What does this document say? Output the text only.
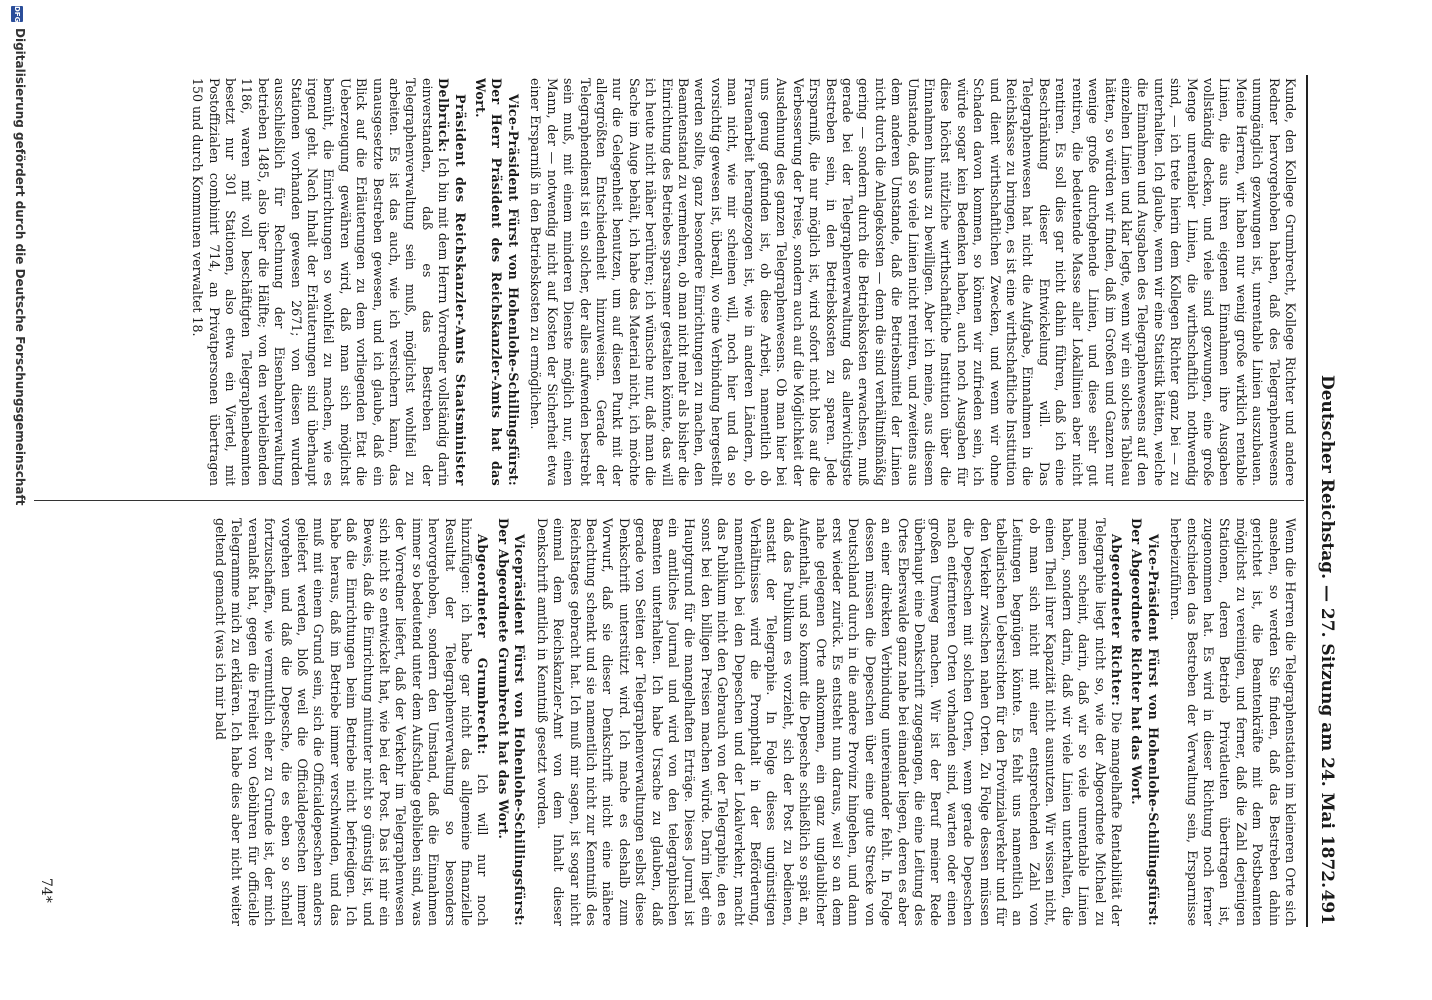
Deutscher Reichstag. — 27. Sitzung am 24. Mai 1872.
491

Kunde, den Kollege Grumbrecht, Kollege Richter und andere Redner hervorgehoben haben, daß des Telegraphenwesens unumgänglich gezwungen ist, unrentable Linien auszubauen. Meine Herren, wir haben nur wenig große wirklich rentable Linien, die aus ihren eigenen Einnahmen ihre Ausgaben vollständig decken, und viele sind gezwungen, eine große Menge unrentabler Linien, die wirthschaftlich nothwendig sind, — ich trete hierin dem Kollegen Richter ganz bei — zu unterhalten. Ich glaube, wenn wir eine Statistik hätten, welche die Einnahmen und Ausgaben des Telegraphenwesens auf den einzelnen Linien und klar legte, wenn wir ein solches Tableau hätten, so würden wir finden, daß im Großen und Ganzen nur wenige große durchgehende Linien, und diese sehr gut rentiren, die bedeutende Masse aller Lokallinien aber nicht rentiren. Es soll dies gar nicht dahin führen, daß ich eine Beschränkung dieser Entwickelung will. Das Telegraphenwesen hat nicht die Aufgabe, Einnahmen in die Reichskasse zu bringen, es ist eine wirthschaftliche Institution und dient wirthschaftlichen Zwecken, und wenn wir ohne Schaden davon kommen, so können wir zufrieden sein, ich würde sogar kein Bedenken haben, auch noch Ausgaben für diese höchst nützliche wirthschaftliche Institution über die Einnahmen hinaus zu bewilligen. Aber ich meine, aus diesem Umstande, daß so viele Linien nicht rentiren, und zweitens aus dem anderen Umstande, daß die Betriebsmittel der Linien nicht durch die Anlagekosten — denn die sind verhältnißmäßig gering — sondern durch die Betriebskosten erwachsen, muß gerade bei der Telegraphenverwaltung das allerwichtigste Bestreben sein, in den Betriebskosten zu sparen. Jede Ersparniß, die nur möglich ist, wird sofort nicht blos auf die Verbesserung der Preise, sondern auch auf die Möglichkeit der Ausdehnung des ganzen Telegraphenwesens. Ob man hier bei uns genug gefunden ist, ob diese Arbeit, namentlich ob Frauenarbeit herangezogen ist, wie in anderen Ländern, ob man nicht, wie mir scheinen will, noch hier und da so vorsichtig gewesen ist, überall, wo eine Verbindung hergestellt werden sollte, ganz besondere Einrichtungen zu machen, den Beamtenstand zu vermehren, ob man nicht mehr als bisher die Einrichtung des Betriebes sparsamer gestalten könnte, das will ich heute nicht näher berühren; ich wünsche nur, daß man die Sache im Auge behält, ich habe das Material nicht, ich möchte nur die Gelegenheit benutzen, um auf diesen Punkt mit der allergrößten Entschiedenheit hinzuweisen. Gerade der Telegraphendienst ist ein solcher, der alles aufwenden bestrebt sein muß, mit einem minderen Dienste möglich nur, einen Mann, der — notwendig nicht auf Kosten der Sicherheit etwa einer Ersparniß in den Betriebskosten zu ermöglichen.

Vice-Präsident Fürst von Hohenlohe-Schillingsfürst: Der Herr Präsident des Reichskanzler-Amts hat das Wort.

Präsident des Reichskanzler-Amts Staatsminister Delbrück: Ich bin mit dem Herrn Vorredner vollständig darin einverstanden, daß es das Bestreben der Telegraphenverwaltung sein muß, möglichst wohlfeil zu arbeiten. Es ist das auch, wie ich versichern kann, das unausgesetzte Bestreben gewesen, und ich glaube, daß ein Blick auf die Erläuterungen zu dem vorliegenden Etat die Ueberzeugung gewähren wird, daß man sich möglichst bemüht, die Einrichtungen so wohlfeil zu machen, wie es irgend geht. Nach Inhalt der Erläuterungen sind überhaupt Stationen vorhanden gewesen 2671; von diesen wurden ausschließlich für Rechnung der Eisenbahnverwaltung betrieben 1485, also über die Hälfte; von den verbleibenden 1186, waren mit voll beschäftigten Telegraphenbeamten besetzt nur 301 Stationen, also etwa ein Viertel, mit Postoffizialen combinirt 714, an Privatpersonen übertragen 150 und durch Kommunen verwaltet 18.

Wenn die Herren die Telegraphenstation im kleineren Orte sich ansehen, so werden Sie finden, daß das Bestreben dahin gerichtet ist, die Beamtenkräfte mit dem Postbeamten möglichst zu vereinigen, und ferner, daß die Zahl derjenigen Stationen, deren Betrieb Privatleuten übertragen ist, zugenommen hat. Es wird in dieser Richtung noch ferner entschieden das Bestreben der Verwaltung sein, Ersparnisse herbeizuführen.

Vice-Präsident Fürst von Hohenlohe-Schillingsfürst: Der Abgeordnete Richter hat das Wort.

Abgeordneter Richter: Die mangelhafte Rentabilität der Telegraphie liegt nicht so, wie der Abgeordnete Michael zu meinen scheint, darin, daß wir so viele unrentable Linien haben, sondern darin, daß wir viele Linien unterhalten, die einen Theil ihrer Kapazität nicht ausnutzen. Wir wissen nicht, ob man sich nicht mit einer entsprechenden Zahl von Leitungen begnügen könnte. Es fehlt uns namentlich an tabellarischen Uebersichten für den Provinzialverkehr und für den Verkehr zwischen nahen Orten. Zu Folge dessen müssen die Depeschen mit solchen Orten, wenn gerade Depeschen nach entfernteren Orten vorhanden sind, warten oder einen großen Umweg machen. Wir ist der Beruf meiner Rede überhaupt eine Denkschrift zugegangen, die eine Leitung des Ortes Eberswalde ganz nahe bei einander liegen, deren es aber an einer direkten Verbindung untereinander fehlt. In Folge dessen müssen die Depeschen über eine gute Strecke von Deutschland durch in die andere Provinz hingehen, und dann erst wieder zurück. Es entsteht nun daraus, weil so an dem nahe gelegenen Orte ankommen, ein ganz unglaublicher Aufenthalt, und so kommt die Depesche schließlich so spät an, daß das Publikum es vorzieht, sich der Post zu bedienen, anstatt der Telegraphie. In Folge dieses ungünstigen Verhältnisses wird die Prompthalt in der Beförderung, namentlich bei den Depeschen und der Lokalverkehr, macht das Publikum nicht den Gebrauch von der Telegraphie, den es sonst bei den billigen Preisen machen würde. Darin liegt ein Hauptgrund für die mangelhaften Erträge. Dieses Journal ist ein amtliches Journal und wird von den telegraphischen Beamten unterhalten. Ich habe Ursache zu glauben, daß gerade von Seiten der Telegraphenverwaltungen selbst diese Denkschrift unterstützt wird. Ich mache es deshalb zum Vorwurf, daß sie dieser Denkschrift nicht eine nähere Beachtung schenkt und sie namentlich nicht zur Kenntniß des Reichstages gebracht hat. Ich muß mir sagen, ist sogar nicht einmal dem Reichskanzler-Amt von dem Inhalt dieser Denkschrift amtlich in Kenntniß gesetzt worden.

Vicepräsident Fürst von Hohenlohe-Schillingsfürst: Der Abgeordnete Grumbrecht hat das Wort.

Abgeordneter Grumbrecht: Ich will nur noch hinzufügen: ich habe gar nicht das allgemeine finanzielle Resultat der Telegraphenverwaltung so besonders hervorgehoben, sondern den Umstand, daß die Einnahmen immer so bedeutend unter dem Aufschlage geblieben sind, was der Vorredner liefert, daß der Verkehr im Telegraphenwesen sich nicht so entwickelt hat, wie bei der Post. Das ist mir ein Beweis, daß die Einrichtung mitunter nicht so günstig ist, und daß die Einrichtungen beim Betriebe nicht befriedigen. Ich habe heraus, daß im Betriebe immer verschwinden, und das muß mit einem Grund sein, sich die Officialdepeschen anders geliefert werden, bloß weil die Officialdepeschen immer vorgehen und daß die Depesche, die es eben so schnell fortzuschaffen, wie vermuthlich eher zu Grunde ist, der mich veranlaßt hat, gegen die Freiheit von Gebühren für officielle Telegramme mich zu erklären. Ich habe dies aber nicht weiter geltend gemacht (was ich mir bald

74*
DFGDigitalisierung gefördert durch die Deutsche Forschungsgemeinschaft
